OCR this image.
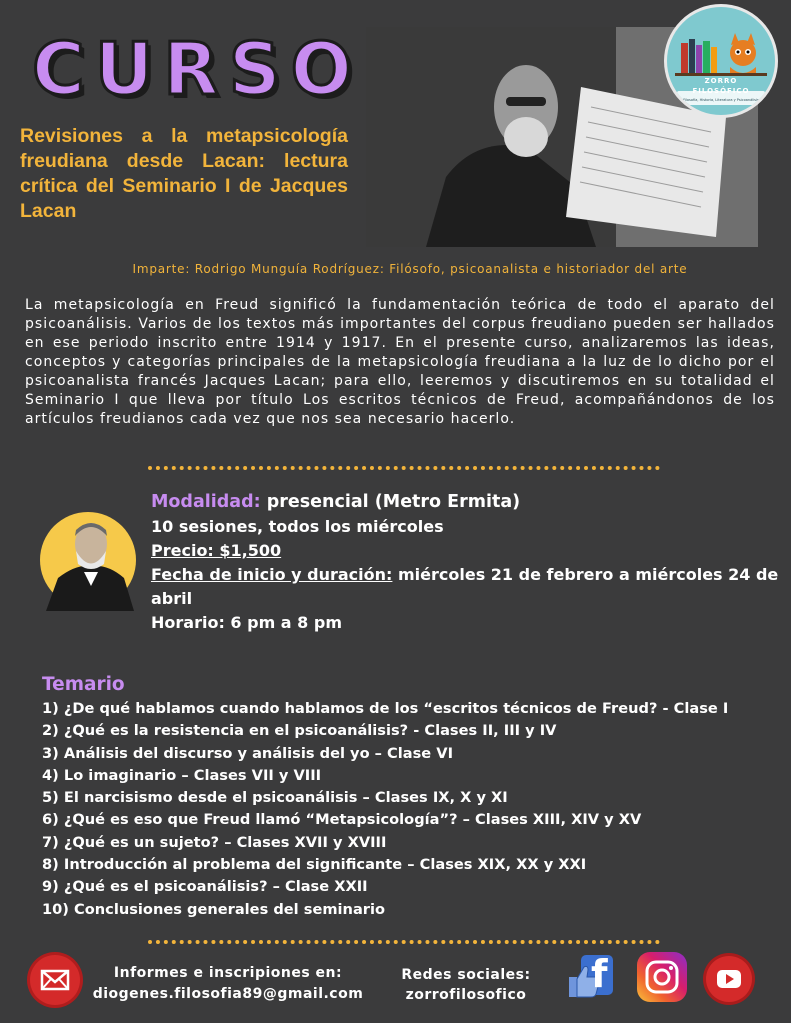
CURSO
Revisiones a la metapsicología freudiana desde Lacan: lectura crítica del Seminario I de Jacques Lacan
ZORRO
FILOSÓFICO
Filosofía, Historia, Literatura y Psicoanálisis
Imparte: Rodrigo Munguía Rodríguez: Filósofo, psicoanalista e historiador del arte
La metapsicología en Freud significó la fundamentación teórica de todo el aparato del psicoanálisis. Varios de los textos más importantes del corpus freudiano pueden ser hallados en ese periodo inscrito entre 1914 y 1917. En el presente curso, analizaremos las ideas, conceptos y categorías principales de la metapsicología freudiana a la luz de lo dicho por el psicoanalista francés Jacques Lacan; para ello, leeremos y discutiremos en su totalidad el Seminario I que lleva por título Los escritos técnicos de Freud, acompañándonos de los artículos freudianos cada vez que nos sea necesario hacerlo.
Modalidad: presencial (Metro Ermita)
10 sesiones, todos los miércoles
Precio: $1,500
Fecha de inicio y duración: miércoles 21 de febrero a miércoles 24 de abril
Horario: 6 pm a 8 pm
Temario
1) ¿De qué hablamos cuando hablamos de los “escritos técnicos de Freud? - Clase I
2) ¿Qué es la resistencia en el psicoanálisis? - Clases II, III y IV
3) Análisis del discurso y análisis del yo – Clase VI
4) Lo imaginario – Clases VII y VIII
5) El narcisismo desde el psicoanálisis – Clases IX, X y XI
6) ¿Qué es eso que Freud llamó “Metapsicología”? – Clases XIII, XIV y XV
7) ¿Qué es un sujeto? – Clases XVII y XVIII
8) Introducción al problema del significante – Clases XIX, XX y XXI
9) ¿Qué es el psicoanálisis? – Clase XXII
10) Conclusiones generales del seminario
Informes e inscripiones en:
diogenes.filosofia89@gmail.com
Redes sociales:
zorrofilosofico f
